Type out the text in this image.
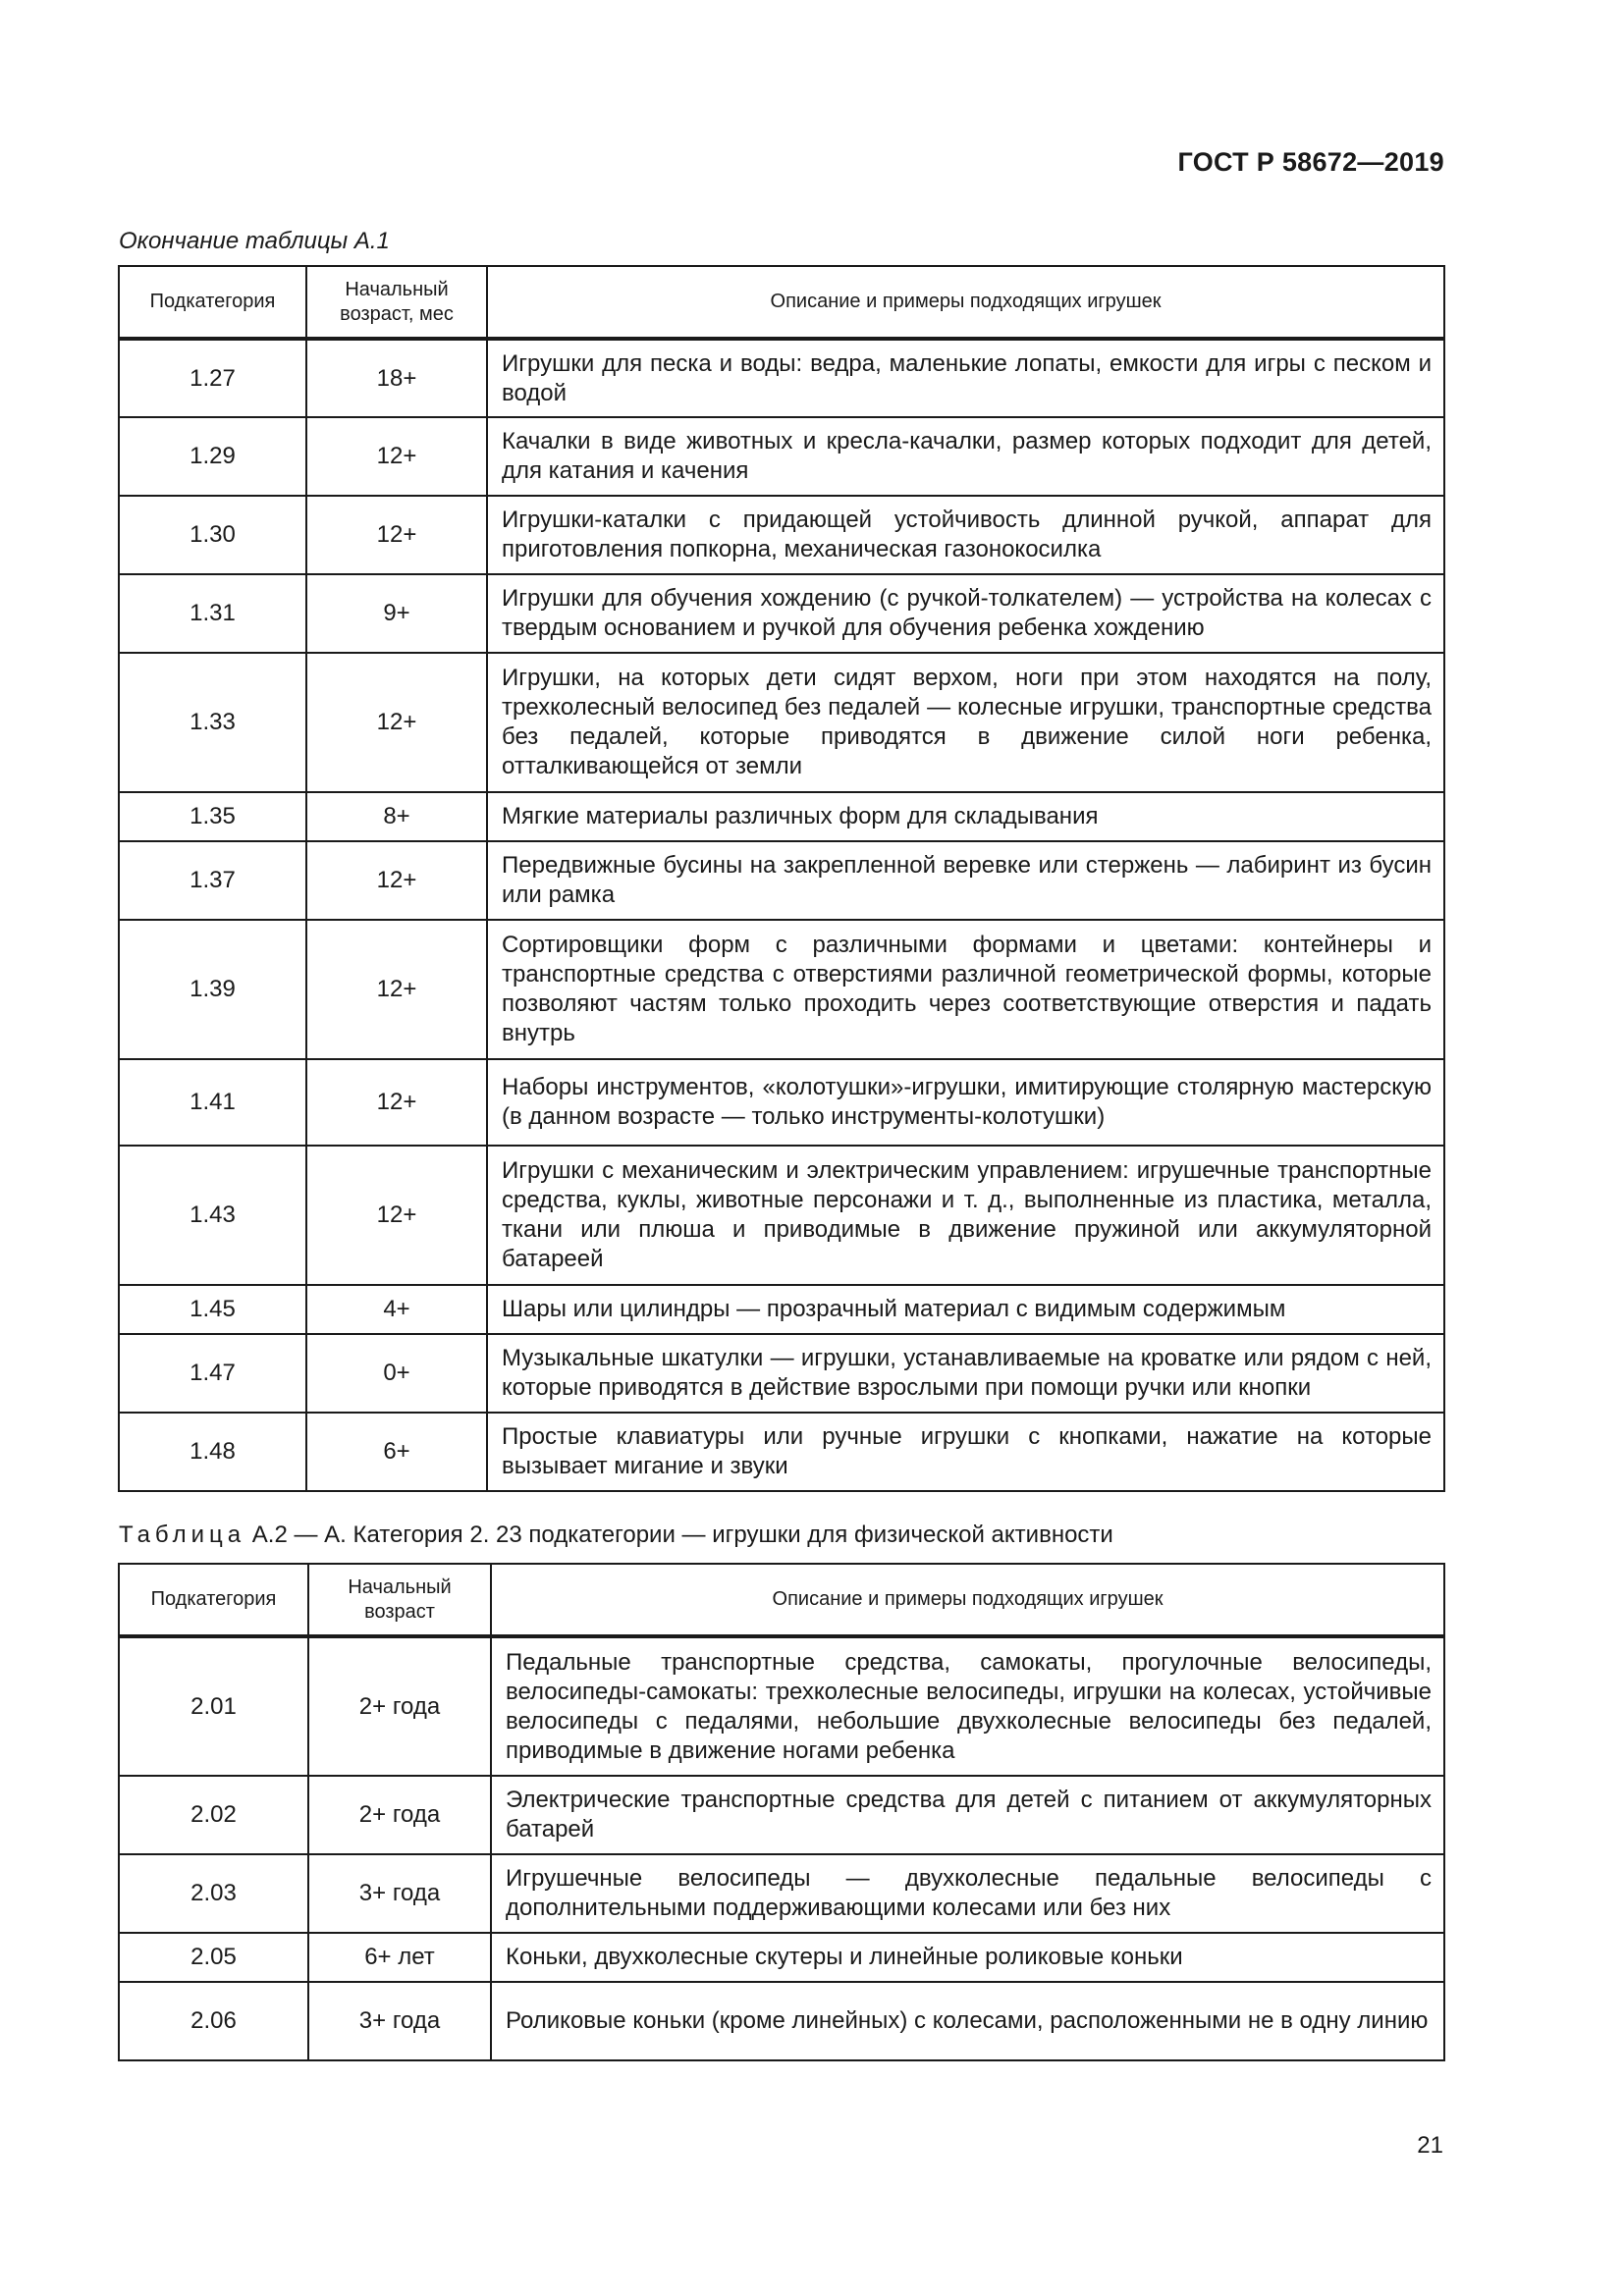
ГОСТ Р 58672—2019
Окончание таблицы А.1
Подкатегория	Начальный возраст, мес	Описание и примеры подходящих игрушек
1.27	18+	Игрушки для песка и воды: ведра, маленькие лопаты, емкости для игры с песком и водой
1.29	12+	Качалки в виде животных и кресла-качалки, размер которых подходит для детей, для катания и качения
1.30	12+	Игрушки-каталки с придающей устойчивость длинной ручкой, аппарат для приготовления попкорна, механическая газонокосилка
1.31	9+	Игрушки для обучения хождению (с ручкой-толкателем) — устройства на колесах с твердым основанием и ручкой для обучения ребенка хождению
1.33	12+	Игрушки, на которых дети сидят верхом, ноги при этом находятся на полу, трехколесный велосипед без педалей — колесные игрушки, транспортные средства без педалей, которые приводятся в движение силой ноги ребенка, отталкивающейся от земли
1.35	8+	Мягкие материалы различных форм для складывания
1.37	12+	Передвижные бусины на закрепленной веревке или стержень — лабиринт из бусин или рамка
1.39	12+	Сортировщики форм с различными формами и цветами: контейнеры и транспортные средства с отверстиями различной геометрической формы, которые позволяют частям только проходить через соответствующие отверстия и падать внутрь
1.41	12+	Наборы инструментов, «колотушки»-игрушки, имитирующие столярную мастерскую (в данном возрасте — только инструменты-колотушки)
1.43	12+	Игрушки с механическим и электрическим управлением: игрушечные транспортные средства, куклы, животные персонажи и т. д., выполненные из пластика, металла, ткани или плюша и приводимые в движение пружиной или аккумуляторной батареей
1.45	4+	Шары или цилиндры — прозрачный материал с видимым содержимым
1.47	0+	Музыкальные шкатулки — игрушки, устанавливаемые на кроватке или рядом с ней, которые приводятся в действие взрослыми при помощи ручки или кнопки
1.48	6+	Простые клавиатуры или ручные игрушки с кнопками, нажатие на которые вызывает мигание и звуки
Таблица А.2 — А. Категория 2. 23 подкатегории — игрушки для физической активности
Подкатегория	Начальный возраст	Описание и примеры подходящих игрушек
2.01	2+ года	Педальные транспортные средства, самокаты, прогулочные велосипеды, велосипеды-самокаты: трехколесные велосипеды, игрушки на колесах, устойчивые велосипеды с педалями, небольшие двухколесные велосипеды без педалей, приводимые в движение ногами ребенка
2.02	2+ года	Электрические транспортные средства для детей с питанием от аккумуляторных батарей
2.03	3+ года	Игрушечные велосипеды — двухколесные педальные велосипеды с дополнительными поддерживающими колесами или без них
2.05	6+ лет	Коньки, двухколесные скутеры и линейные роликовые коньки
2.06	3+ года	Роликовые коньки (кроме линейных) с колесами, расположенными не в одну линию
21
